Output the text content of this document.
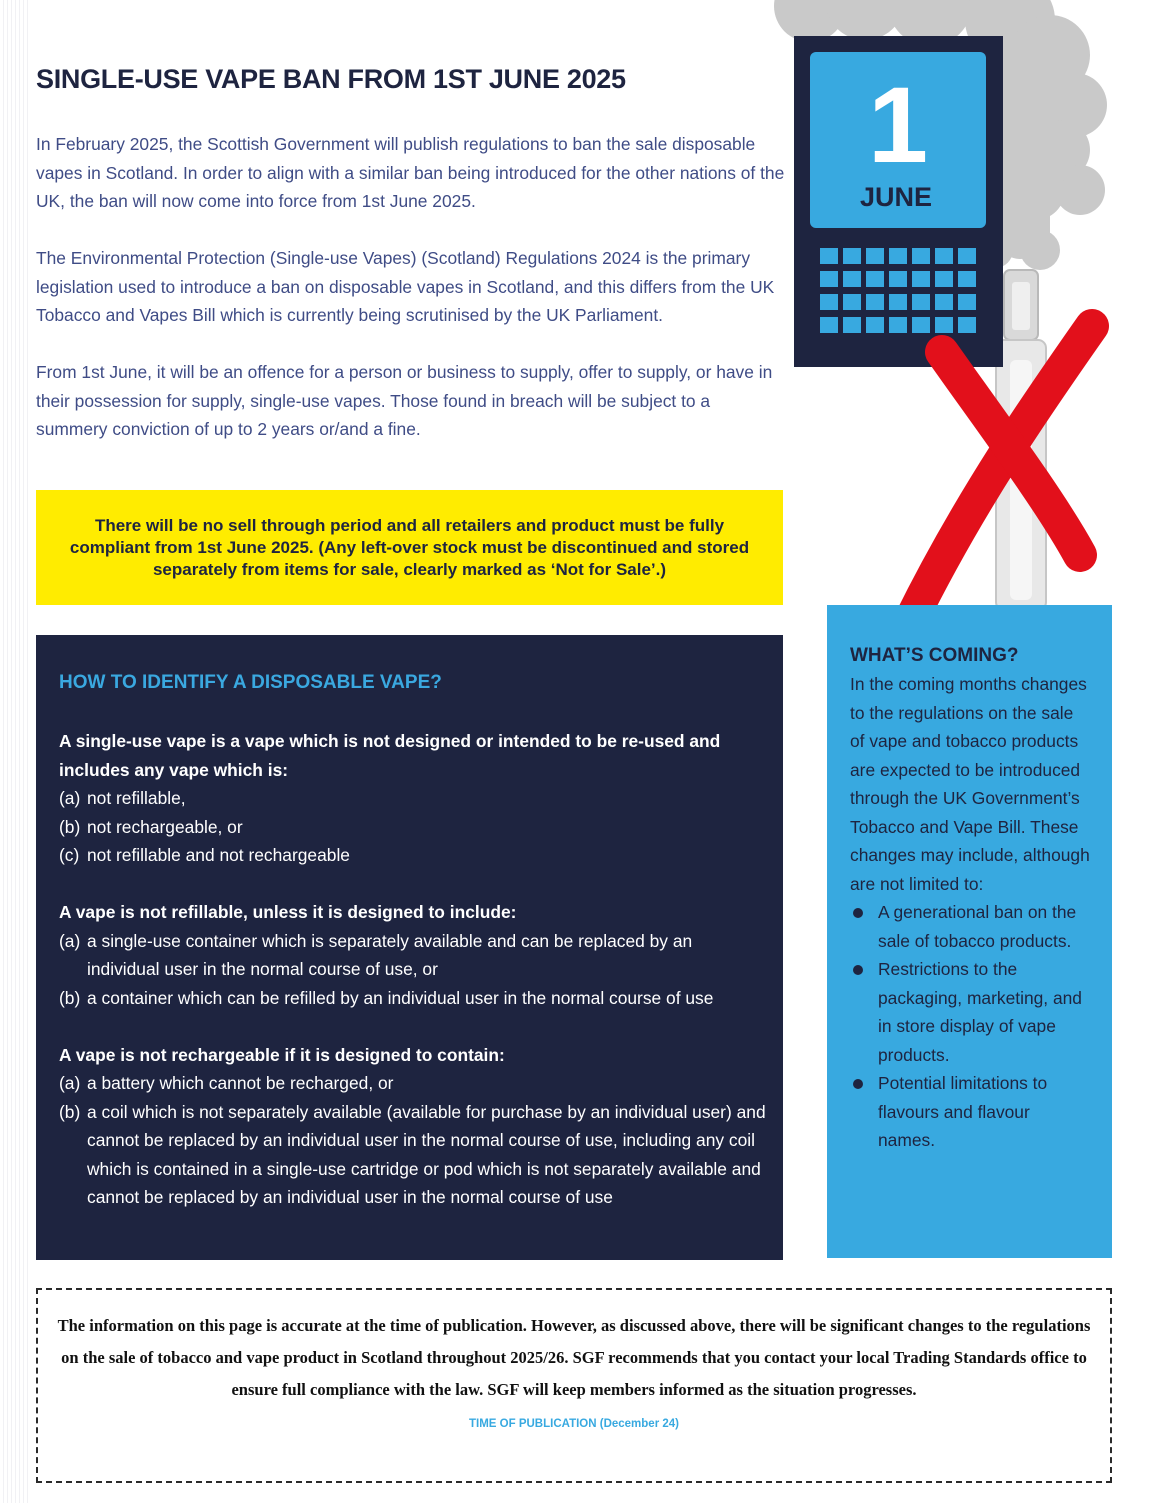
SINGLE-USE VAPE BAN FROM 1ST JUNE 2025

In February 2025, the Scottish Government will publish regulations to ban the sale disposable vapes in Scotland. In order to align with a similar ban being introduced for the other nations of the UK, the ban will now come into force from 1st June 2025.

The Environmental Protection (Single-use Vapes) (Scotland) Regulations 2024 is the primary legislation used to introduce a ban on disposable vapes in Scotland, and this differs from the UK Tobacco and Vapes Bill which is currently being scrutinised by the UK Parliament.

From 1st June, it will be an offence for a person or business to supply, offer to supply, or have in their possession for supply, single-use vapes. Those found in breach will be subject to a summery conviction of up to 2 years or/and a fine.

1
JUNE

There will be no sell through period and all retailers and product must be fully compliant from 1st June 2025. (Any left-over stock must be discontinued and stored separately from items for sale, clearly marked as ‘Not for Sale’.)

HOW TO IDENTIFY A DISPOSABLE VAPE?
A single-use vape is a vape which is not designed or intended to be re-used and includes any vape which is:
(a) not refillable,
(b) not rechargeable, or
(c) not refillable and not rechargeable
A vape is not refillable, unless it is designed to include:
(a) a single-use container which is separately available and can be replaced by an individual user in the normal course of use, or
(b) a container which can be refilled by an individual user in the normal course of use
A vape is not rechargeable if it is designed to contain:
(a) a battery which cannot be recharged, or
(b) a coil which is not separately available (available for purchase by an individual user) and cannot be replaced by an individual user in the normal course of use, including any coil which is contained in a single-use cartridge or pod which is not separately available and cannot be replaced by an individual user in the normal course of use
WHAT’S COMING?
In the coming months changes to the regulations on the sale of vape and tobacco products are expected to be introduced through the UK Government’s Tobacco and Vape Bill. These changes may include, although are not limited to:
A generational ban on the sale of tobacco products.
Restrictions to the packaging, marketing, and in store display of vape products.
Potential limitations to flavours and flavour names.

The information on this page is accurate at the time of publication. However, as discussed above, there will be significant changes to the regulations on the sale of tobacco and vape product in Scotland throughout 2025/26. SGF recommends that you contact your local Trading Standards office to ensure full compliance with the law. SGF will keep members informed as the situation progresses.

TIME OF PUBLICATION (December 24)
